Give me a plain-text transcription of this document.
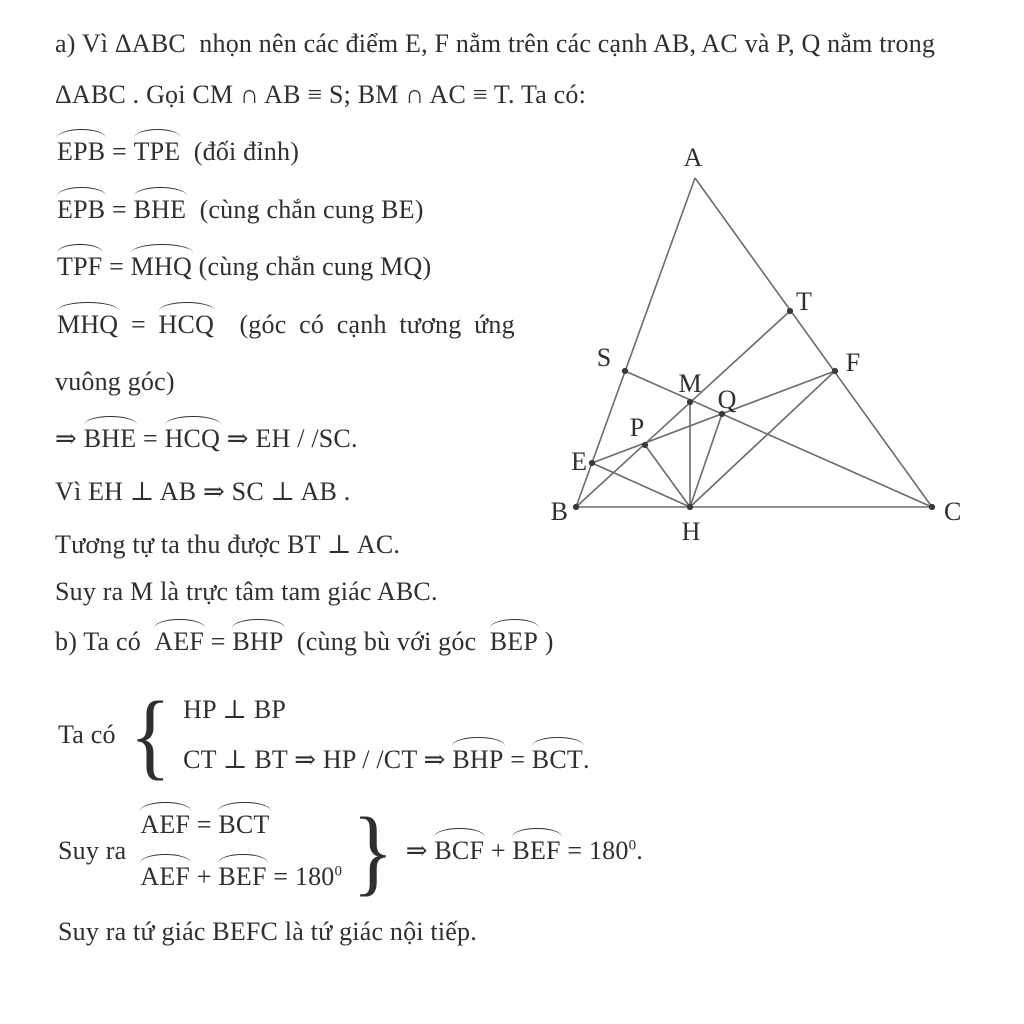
a) Vì ΔABC  nhọn nên các điểm E, F nằm trên các cạnh AB, AC và P, Q nằm trong
ΔABC . Gọi CM ∩ AB ≡ S; BM ∩ AC ≡ T. Ta có:
EPB = TPE  (đối đỉnh)
EPB = BHE  (cùng chắn cung BE)
TPF = MHQ (cùng chắn cung MQ)
MHQ = HCQ  (góc có cạnh tương ứng
vuông góc)
⇒ BHE = HCQ ⇒ EH / /SC.
Vì EH ⊥ AB ⇒ SC ⊥ AB .
Tương tự ta thu được BT ⊥ AC.
Suy ra M là trực tâm tam giác ABC.
b) Ta có  AEF = BHP  (cùng bù với góc  BEP )
Ta có { HP ⊥ BP
CT ⊥ BT ⇒ HP / /CT ⇒ BHP = BCT.
Suy ra
AEF = BCT
AEF + BEF = $180^0$ } ⇒ BCF + BEF = $180^0$.
Suy ra tứ giác BEFC là tứ giác nội tiếp.
A
B	C
H
E
S
T
F
M
Q
P
